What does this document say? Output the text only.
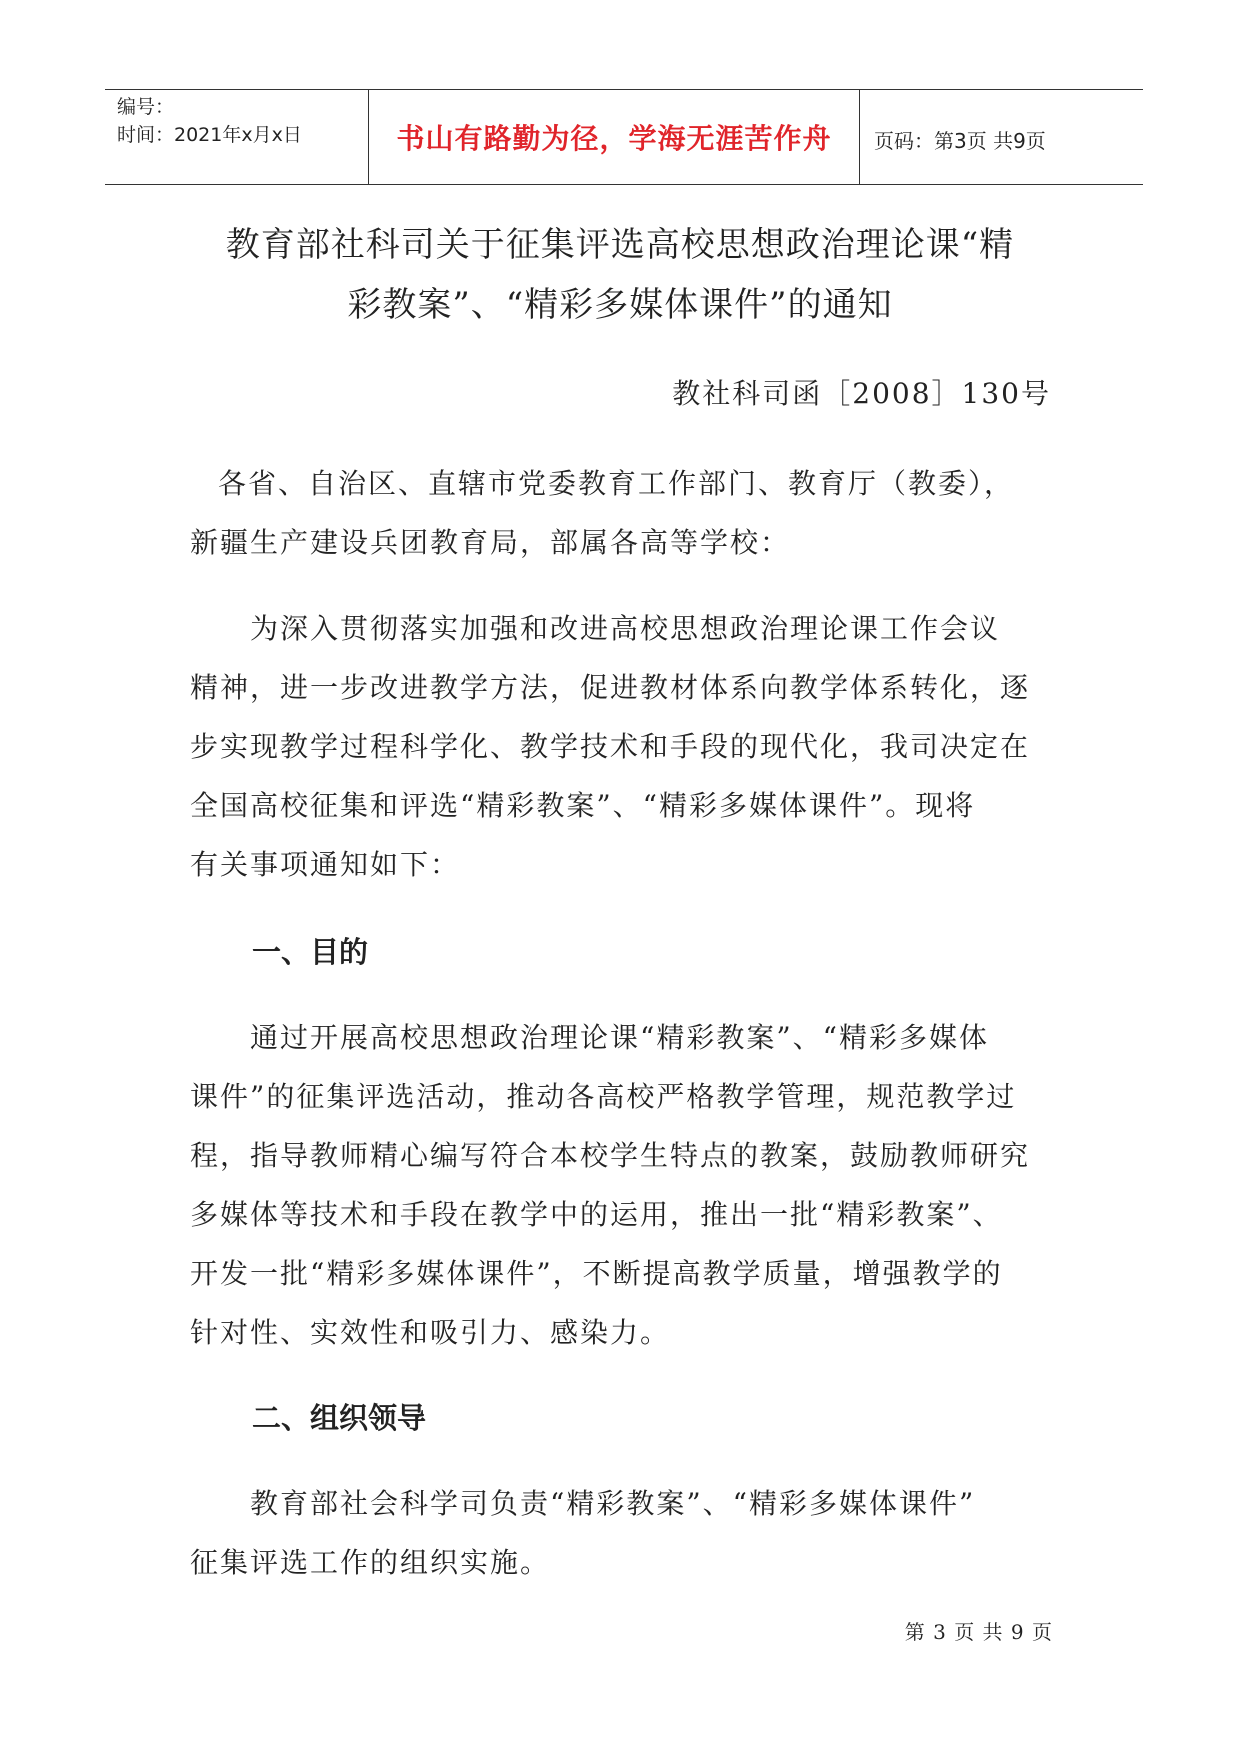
编号：
时间：2021年x月x日	书山有路勤为径，学海无涯苦作舟	页码：第3页 共9页
教育部社科司关于征集评选高校思想政治理论课“精
彩教案”、“精彩多媒体课件”的通知
教社科司函［2008］130号
各省、自治区、直辖市党委教育工作部门、教育厅（教委），
新疆生产建设兵团教育局，部属各高等学校：
为深入贯彻落实加强和改进高校思想政治理论课工作会议
精神，进一步改进教学方法，促进教材体系向教学体系转化，逐
步实现教学过程科学化、教学技术和手段的现代化，我司决定在
全国高校征集和评选“精彩教案”、“精彩多媒体课件”。现将
有关事项通知如下：
一、目的
通过开展高校思想政治理论课“精彩教案”、“精彩多媒体
课件”的征集评选活动，推动各高校严格教学管理，规范教学过
程，指导教师精心编写符合本校学生特点的教案，鼓励教师研究
多媒体等技术和手段在教学中的运用，推出一批“精彩教案”、
开发一批“精彩多媒体课件”，不断提高教学质量，增强教学的
针对性、实效性和吸引力、感染力。
二、组织领导
教育部社会科学司负责“精彩教案”、“精彩多媒体课件”
征集评选工作的组织实施。
第 3 页 共 9 页
